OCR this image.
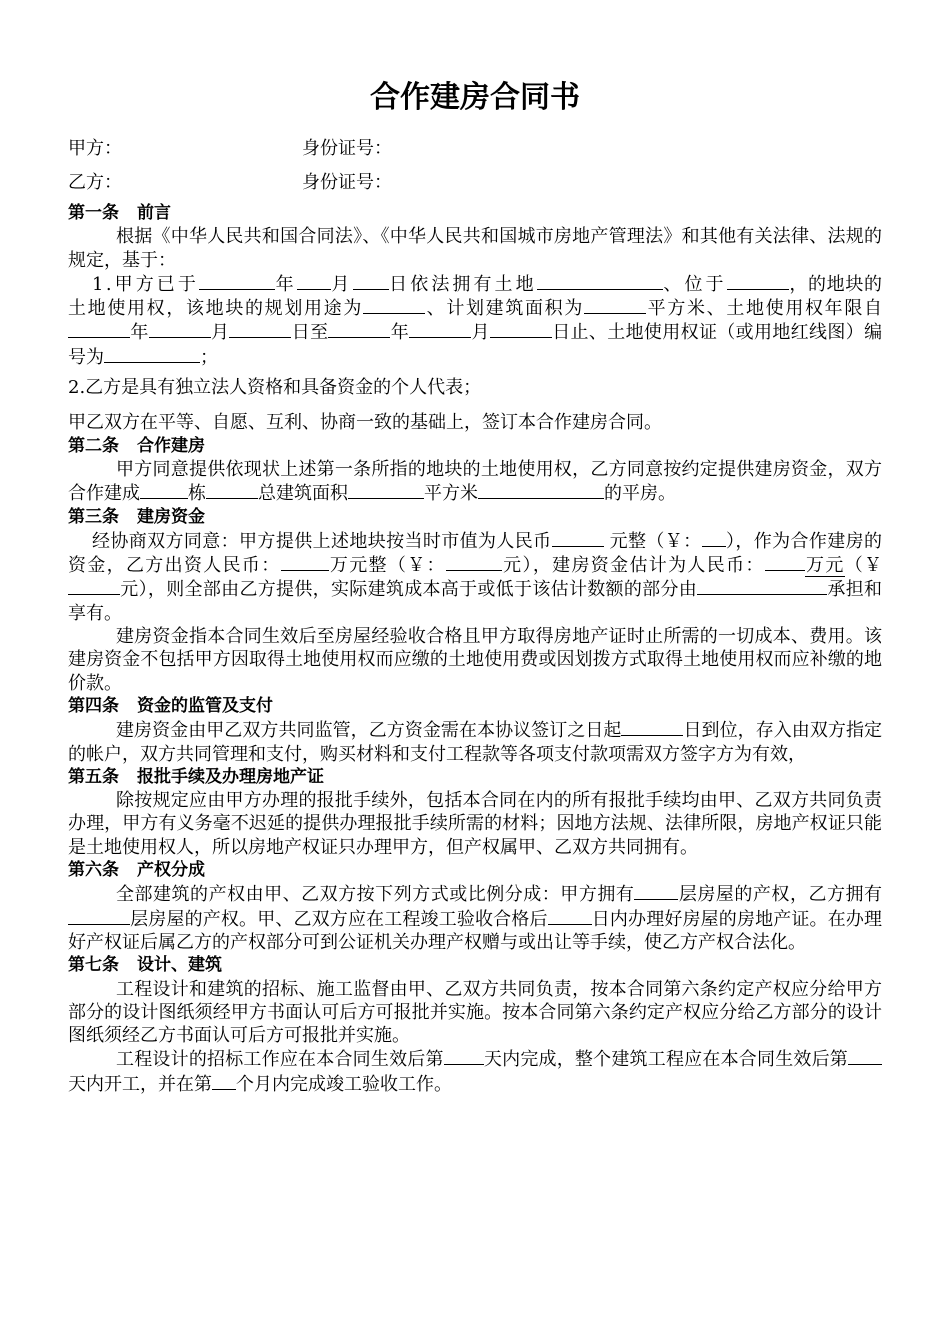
合作建房合同书
甲方：	身份证号：
乙方：	身份证号：
第一条 前言

根据《中华人民共和国合同法》、《中华人民共和国城市房地产管理法》和其他有关法律、法规的规定，基于：

1.甲方已于	年 月 日依法拥有土地	、位于	，的地块的土地使用权，该地块的规划用途为	、计划建筑面积为	平方米、土地使用权年限自年	月	日至	年	月	日止、土地使用权证（或用地红线图）编号为	；

2.乙方是具有独立法人资格和具备资金的个人代表；

甲乙双方在平等、自愿、互利、协商一致的基础上，签订本合作建房合同。

第二条 合作建房

甲方同意提供依现状上述第一条所指的地块的土地使用权，乙方同意按约定提供建房资金，双方合作建成	栋	总建筑面积	平方米	的平房。

第三条 建房资金

经协商双方同意：甲方提供上述地块按当时市值为人民币	元整（￥： ），作为合作建房的资金，乙方出资人民币：	万元整（￥：	元），建房资金估计为人民币： 万元（￥元），则全部由乙方提供，实际建筑成本高于或低于该估计数额的部分由	承担和享有。

建房资金指本合同生效后至房屋经验收合格且甲方取得房地产证时止所需的一切成本、费用。该建房资金不包括甲方因取得土地使用权而应缴的土地使用费或因划拨方式取得土地使用权而应补缴的地价款。

第四条 资金的监管及支付

建房资金由甲乙双方共同监管，乙方资金需在本协议签订之日起	日到位，存入由双方指定的帐户，双方共同管理和支付，购买材料和支付工程款等各项支付款项需双方签字方为有效，

第五条 报批手续及办理房地产证

除按规定应由甲方办理的报批手续外，包括本合同在内的所有报批手续均由甲、乙双方共同负责办理，甲方有义务毫不迟延的提供办理报批手续所需的材料；因地方法规、法律所限，房地产权证只能是土地使用权人，所以房地产权证只办理甲方，但产权属甲、乙双方共同拥有。

第六条 产权分成

全部建筑的产权由甲、乙双方按下列方式或比例分成：甲方拥有 层房屋的产权，乙方拥有层房屋的产权。甲、乙双方应在工程竣工验收合格后 日内办理好房屋的房地产证。在办理好产权证后属乙方的产权部分可到公证机关办理产权赠与或出让等手续，使乙方产权合法化。

第七条 设计、建筑

工程设计和建筑的招标、施工监督由甲、乙双方共同负责，按本合同第六条约定产权应分给甲方部分的设计图纸须经甲方书面认可后方可报批并实施。按本合同第六条约定产权应分给乙方部分的设计图纸须经乙方书面认可后方可报批并实施。

工程设计的招标工作应在本合同生效后第 天内完成，整个建筑工程应在本合同生效后第天内开工，并在第 个月内完成竣工验收工作。
